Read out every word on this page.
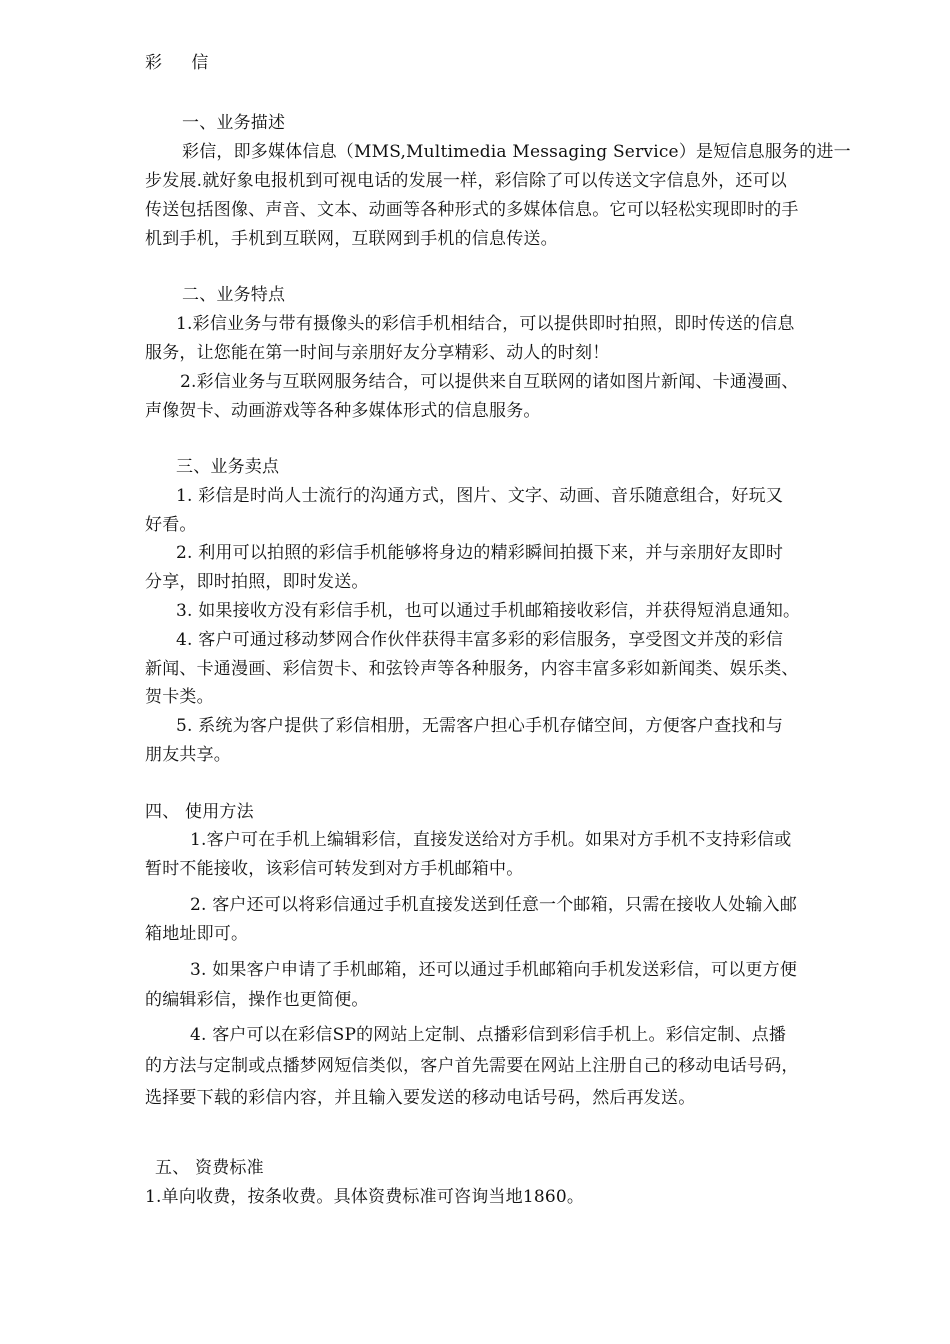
彩 信
一、业务描述
彩信，即多媒体信息（MMS,Multimedia Messaging Service）是短信息服务的进一
步发展.就好象电报机到可视电话的发展一样，彩信除了可以传送文字信息外，还可以
传送包括图像、声音、文本、动画等各种形式的多媒体信息。它可以轻松实现即时的手
机到手机，手机到互联网，互联网到手机的信息传送。
二、业务特点
1.彩信业务与带有摄像头的彩信手机相结合，可以提供即时拍照，即时传送的信息
服务，让您能在第一时间与亲朋好友分享精彩、动人的时刻！
2.彩信业务与互联网服务结合，可以提供来自互联网的诸如图片新闻、卡通漫画、
声像贺卡、动画游戏等各种多媒体形式的信息服务。
三、业务卖点
1. 彩信是时尚人士流行的沟通方式，图片、文字、动画、音乐随意组合，好玩又
好看。
2. 利用可以拍照的彩信手机能够将身边的精彩瞬间拍摄下来，并与亲朋好友即时
分享，即时拍照，即时发送。
3. 如果接收方没有彩信手机，也可以通过手机邮箱接收彩信，并获得短消息通知。
4. 客户可通过移动梦网合作伙伴获得丰富多彩的彩信服务，享受图文并茂的彩信
新闻、卡通漫画、彩信贺卡、和弦铃声等各种服务，内容丰富多彩如新闻类、娱乐类、
贺卡类。
5. 系统为客户提供了彩信相册，无需客户担心手机存储空间，方便客户查找和与
朋友共享。
四、 使用方法
1.客户可在手机上编辑彩信，直接发送给对方手机。如果对方手机不支持彩信或
暂时不能接收，该彩信可转发到对方手机邮箱中。
2. 客户还可以将彩信通过手机直接发送到任意一个邮箱，只需在接收人处输入邮
箱地址即可。
3. 如果客户申请了手机邮箱，还可以通过手机邮箱向手机发送彩信，可以更方便
的编辑彩信，操作也更简便。
4. 客户可以在彩信SP的网站上定制、点播彩信到彩信手机上。彩信定制、点播
的方法与定制或点播梦网短信类似，客户首先需要在网站上注册自己的移动电话号码，
选择要下载的彩信内容，并且输入要发送的移动电话号码，然后再发送。
五、 资费标准
1.单向收费，按条收费。具体资费标准可咨询当地1860。
